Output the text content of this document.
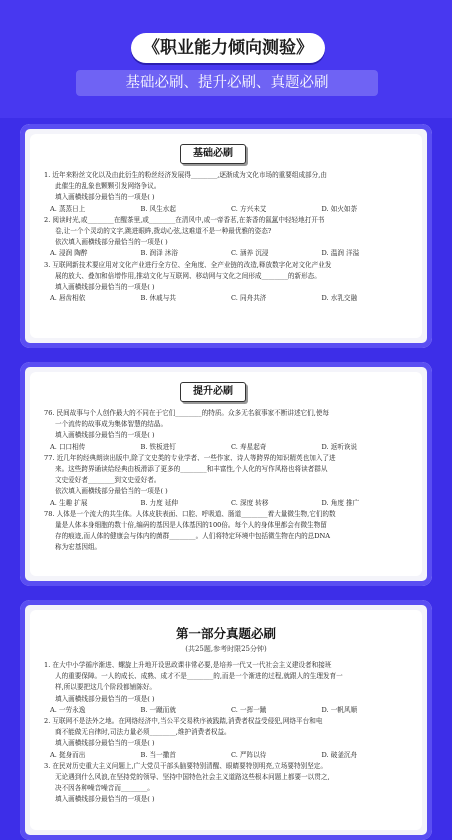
《职业能力倾向测验》
基础必刷、提升必刷、真题必刷
基础必刷

1. 近年来粉丝文化以及由此衍生的粉丝经济发展得________,逐渐成为文化市场的重要组成部分,由

此催生的乱象也颗颗引发网络争议。

填入画横线部分最恰当的一项是( )

A. 蒸蒸日上	B. 风生水起	C. 方兴未艾	D. 如火如荼

2. 阅读时光,或________在醒茶里,或________在清风中,或一帝香茗,在茶香的氤氲中轻轻地打开书

卷,让一个个灵动的文字,跳进眼眸,拨动心弦,这难道不是一种最优雅的姿态?

依次填入画横线部分最恰当的一项是( )

A. 浸润 陶醉	B. 润泽 沐浴	C. 涵养 沉浸	D. 温润 洋溢

3. 互联网新技术要应用对文化产业进行全方位、全角度、全产业链的改造,释放数字化对文化产业发

展的放大、叠加和倍增作用,推动文化与互联网、移动网与文化之间形成________的新形态。

填入画横线部分最恰当的一项是( )

A. 唇齿相依	B. 休戚与共	C. 同舟共济	D. 水乳交融
提升必刷

76. 民间故事与个人创作最大的不同在于它们________的特质。众多无名叙事家不断讲述它们,使每

一个流传的故事成为集体智慧的结晶。

填入画横线部分最恰当的一项是( )

A. 口口相传	B. 铁板进钉	C. 寿星起奇	D. 返听诙说

77. 近几年的经典朗读出版中,除了文史类的专业学者、一些作家、诗人等跨界的知识精英也加入了进

来。这些跨界诵读给经典由板滑添了更多的________和丰富性,个人化的写作风格也将读者群从

文史爱好者________到文史爱好者。

依次填入画横线部分最恰当的一项是( )

A. 生趣 扩展	B. 力度 延伸	C. 深度 转移	D. 角度 推广

78. 人体是一个流大的共生体。人体皮肤表面、口腔、呼吸道、肠道________着大量微生物,它们的数

量是人体本身细胞的数十倍,编码的基因是人体基因的100倍。每个人的身体里都会有微生物留

存的痕迹,而人体的健康会与体内的菌群________。人们将特定环境中包括微生物在内的总DNA

称为宏基因组。

第一部分真题必刷
(共25题,参考时限25分钟)

1. 在大中小学循序渐进、螺旋上升地开设思政课非常必要,是培养一代又一代社会主义建设者和接班

人的重要保障。一人的成长、成熟、成才不是________的,而是一个渐进的过程,就跟人的生理发育一

样,所以要把这几个阶段都铺陈好。

填入画横线部分最恰当的一项是( )

A. 一劳永逸	B. 一蹴而就	C. 一挥一蹴	D. 一帆风顺

2. 互联网不是法外之地。在网络经济中,当公平交易秩序被践踏,消费者权益受侵犯,网络平台和电

商不能做无自律时,司法力量必须________,维护消费者权益。

填入画横线部分最恰当的一项是( )

A. 挺身而出	B. 当一撒首	C. 严阵以待	D. 破釜沉舟

3. 在民对历史重大主义问题上,广大党员干部头脑要特别清醒、眼睛要特别明亮,立场要特别坚定。

无论遇到什么风浪,在坚持党的领导、坚持中国特色社会主义道路这些根本问题上都要一以贯之,

决不因各种噪音噪音而________。

填入画横线部分最恰当的一项是( )
